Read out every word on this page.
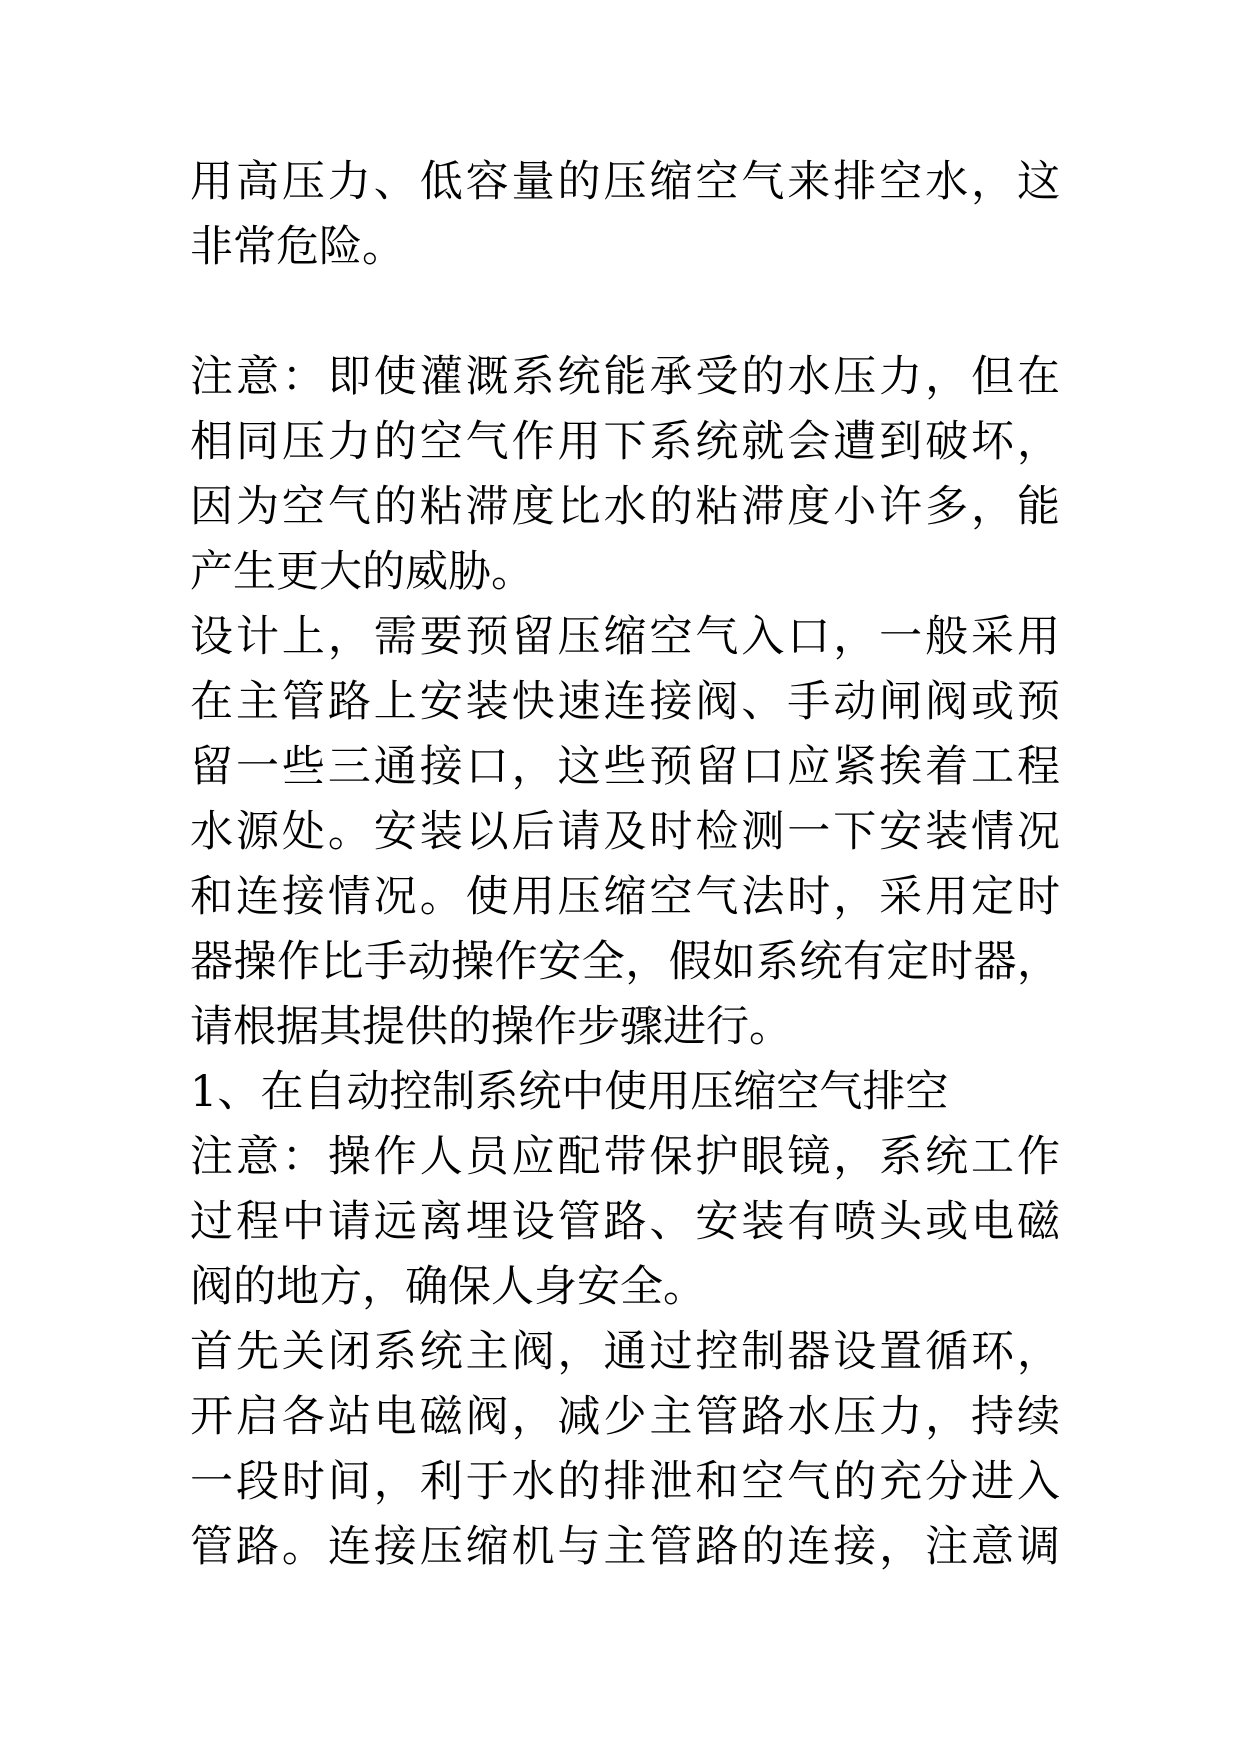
用高压力、低容量的压缩空气来排空水，这
非常危险。
注意：即使灌溉系统能承受的水压力，但在
相同压力的空气作用下系统就会遭到破坏，
因为空气的粘滞度比水的粘滞度小许多，能
产生更大的威胁。
设计上，需要预留压缩空气入口，一般采用
在主管路上安装快速连接阀、手动闸阀或预
留一些三通接口，这些预留口应紧挨着工程
水源处。安装以后请及时检测一下安装情况
和连接情况。使用压缩空气法时，采用定时
器操作比手动操作安全，假如系统有定时器，
请根据其提供的操作步骤进行。
1、在自动控制系统中使用压缩空气排空
注意：操作人员应配带保护眼镜，系统工作
过程中请远离埋设管路、安装有喷头或电磁
阀的地方，确保人身安全。
首先关闭系统主阀，通过控制器设置循环，
开启各站电磁阀，减少主管路水压力，持续
一段时间，利于水的排泄和空气的充分进入
管路。连接压缩机与主管路的连接，注意调
